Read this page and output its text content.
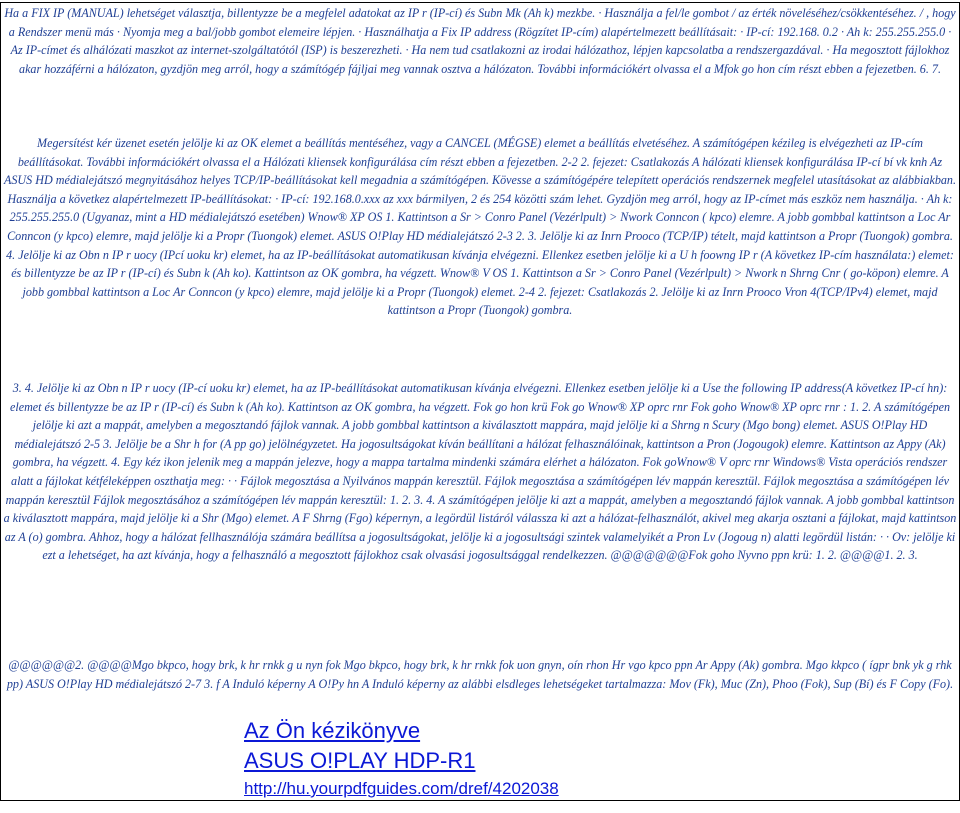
Ha a FIX IP (MANUAL) lehetséget választja, billentyzze be a megfelel adatokat az IP r (IP-cí) és Subn Mk (Ah k) mezkbe. · Használja a fel/le gombot / az érték növeléséhez/csökkentéséhez. / , hogy a Rendszer menü más · Nyomja meg a bal/jobb gombot elemeire lépjen. · Használhatja a Fix IP address (Rögzítet IP-cím) alapértelmezett beállításait: · IP-cí: 192.168. 0.2 · Ah k: 255.255.255.0 · Az IP-címet és alhálózati maszkot az internet-szolgáltatótól (ISP) is beszerezheti. · Ha nem tud csatlakozni az irodai hálózathoz, lépjen kapcsolatba a rendszergazdával. · Ha megosztott fájlokhoz akar hozzáférni a hálózaton, gyzdjön meg arról, hogy a számítógép fájljai meg vannak osztva a hálózaton. További információkért olvassa el a Mfok go hon cím részt ebben a fejezetben. 6. 7.

Megersítést kér üzenet esetén jelölje ki az OK elemet a beállítás mentéséhez, vagy a CANCEL (MÉGSE) elemet a beállítás elvetéséhez. A számítógépen kézileg is elvégezheti az IP-cím beállításokat. További információkért olvassa el a Hálózati kliensek konfigurálása cím részt ebben a fejezetben. 2-2 2. fejezet: Csatlakozás A hálózati kliensek konfigurálása IP-cí bí vk knh Az ASUS HD médialejátszó megnyitásához helyes TCP/IP-beállításokat kell megadnia a számítógépen. Kövesse a számítógépére telepített operációs rendszernek megfelel utasításokat az alábbiakban. Használja a következ alapértelmezett IP-beállításokat: · IP-cí: 192.168.0.xxx az xxx bármilyen, 2 és 254 közötti szám lehet. Gyzdjön meg arról, hogy az IP-címet más eszköz nem használja. · Ah k: 255.255.255.0 (Ugyanaz, mint a HD médialejátszó esetében) Wnow® XP OS 1. Kattintson a Sr > Conro Panel (Vezérlpult) > Nwork Conncon ( kpco) elemre. A jobb gombbal kattintson a Loc Ar Conncon (y kpco) elemre, majd jelölje ki a Propr (Tuongok) elemet. ASUS O!Play HD médialejátszó 2-3 2. 3. Jelölje ki az Inrn Prooco (TCP/IP) tételt, majd kattintson a Propr (Tuongok) gombra. 4. Jelölje ki az Obn n IP r uocy (IPcí uoku kr) elemet, ha az IP-beállításokat automatikusan kívánja elvégezni. Ellenkez esetben jelölje ki a U h foowng IP r (A következ IP-cím használata:) elemet: és billentyzze be az IP r (IP-cí) és Subn k (Ah ko). Kattintson az OK gombra, ha végzett. Wnow® V OS 1. Kattintson a Sr > Conro Panel (Vezérlpult) > Nwork n Shrng Cnr ( go-köpon) elemre. A jobb gombbal kattintson a Loc Ar Conncon (y kpco) elemre, majd jelölje ki a Propr (Tuongok) elemet. 2-4 2. fejezet: Csatlakozás 2. Jelölje ki az Inrn Prooco Vron 4(TCP/IPv4) elemet, majd kattintson a Propr (Tuongok) gombra.

3. 4. Jelölje ki az Obn n IP r uocy (IP-cí uoku kr) elemet, ha az IP-beállításokat automatikusan kívánja elvégezni. Ellenkez esetben jelölje ki a Use the following IP address(A következ IP-cí hn): elemet és billentyzze be az IP r (IP-cí) és Subn k (Ah ko). Kattintson az OK gombra, ha végzett. Fok go hon krü Fok go Wnow® XP oprc rnr Fok goho Wnow® XP oprc rnr : 1. 2. A számítógépen jelölje ki azt a mappát, amelyben a megosztandó fájlok vannak. A jobb gombbal kattintson a kiválasztott mappára, majd jelölje ki a Shrng n Scury (Mgo bong) elemet. ASUS O!Play HD médialejátszó 2-5 3. Jelölje be a Shr h for (A pp go) jelölnégyzetet. Ha jogosultságokat kíván beállítani a hálózat felhasználóinak, kattintson a Pron (Jogougok) elemre. Kattintson az Appy (Ak) gombra, ha végzett. 4. Egy kéz ikon jelenik meg a mappán jelezve, hogy a mappa tartalma mindenki számára elérhet a hálózaton. Fok goWnow® V oprc rnr Windows® Vista operációs rendszer alatt a fájlokat kétféleképpen oszthatja meg: · · Fájlok megosztása a Nyilvános mappán keresztül. Fájlok megosztása a számítógépen lév mappán keresztül. Fájlok megosztása a számítógépen lév mappán keresztül Fájlok megosztásához a számítógépen lév mappán keresztül: 1. 2. 3. 4. A számítógépen jelölje ki azt a mappát, amelyben a megosztandó fájlok vannak. A jobb gombbal kattintson a kiválasztott mappára, majd jelölje ki a Shr (Mgo) elemet. A F Shrng (Fgo) képernyn, a legördül listáról válassza ki azt a hálózat-felhasználót, akivel meg akarja osztani a fájlokat, majd kattintson az A (o) gombra. Ahhoz, hogy a hálózat fellhasználója számára beállítsa a jogosultságokat, jelölje ki a jogosultsági szintek valamelyikét a Pron Lv (Jogoug n) alatti legördül listán: · · Ov: jelölje ki ezt a lehetséget, ha azt kívánja, hogy a felhasználó a megosztott fájlokhoz csak olvasási jogosultsággal rendelkezzen. @@@@@@@Fok goho Nyvno ppn krü: 1. 2. @@@@1. 2. 3.

@@@@@@2. @@@@Mgo bkpco, hogy brk, k hr rnkk g u nyn fok Mgo bkpco, hogy brk, k hr rnkk fok uon gnyn, oín rhon Hr vgo kpco ppn Ar Appy (Ak) gombra. Mgo kkpco ( ígpr bnk yk g rhk pp) ASUS O!Play HD médialejátszó 2-7 3. f A Induló képerny A O!Py hn A Induló képerny az alábbi elsdleges lehetségeket tartalmazza: Mov (Fk), Muc (Zn), Phoo (Fok), Sup (Bí) és F Copy (Fo).

Az Ön kézikönyve
ASUS O!PLAY HDP-R1
http://hu.yourpdfguides.com/dref/4202038
